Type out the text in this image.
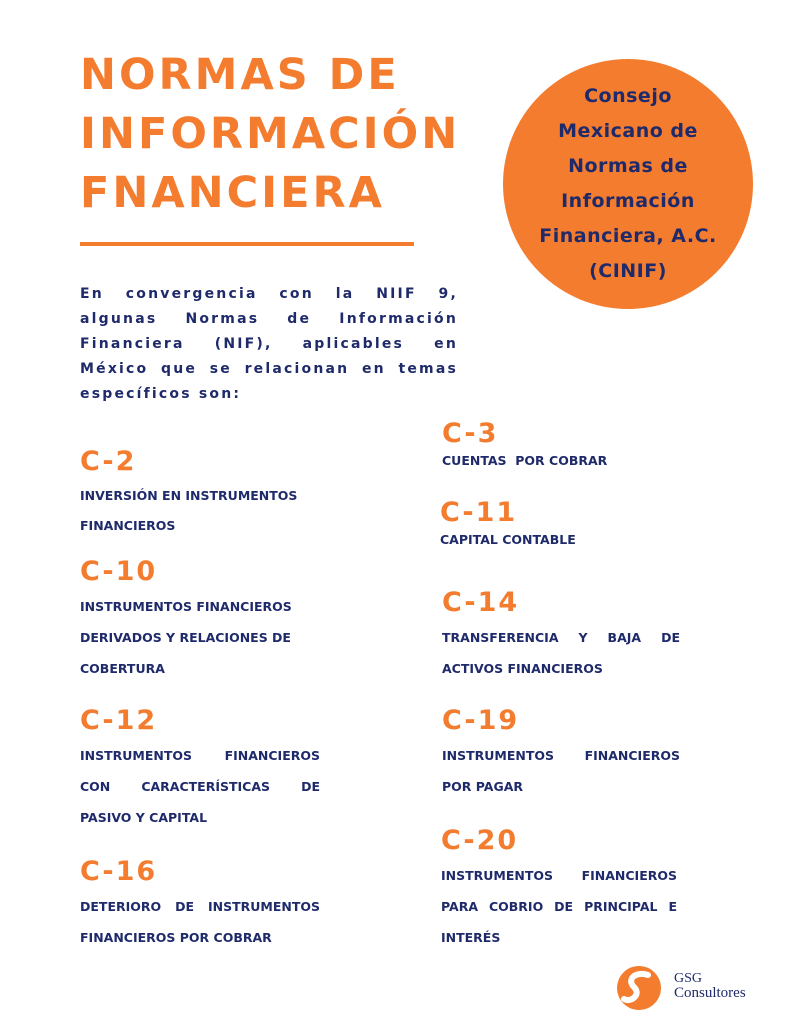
NORMAS DE
INFORMACIÓN
FNANCIERA
Consejo
Mexicano de
Normas de
Información
Financiera, A.C.
(CINIF)

En convergencia con la NIIF 9, algunas Normas de Información Financiera (NIF), aplicables en México que se relacionan en temas específicos son:

C-2
INVERSIÓN EN INSTRUMENTOS
FINANCIEROS
C-10
INSTRUMENTOS FINANCIEROS
DERIVADOS Y RELACIONES DE
COBERTURA
C-12
INSTRUMENTOS FINANCIEROS
CON CARACTERÍSTICAS DE
PASIVO Y CAPITAL
C-16
DETERIORO DE INSTRUMENTOS
FINANCIEROS POR COBRAR
C-3
CUENTAS  POR COBRAR
C-11
CAPITAL CONTABLE
C-14
TRANSFERENCIA Y BAJA DE
ACTIVOS FINANCIEROS
C-19
INSTRUMENTOS FINANCIEROS
POR PAGAR
C-20
INSTRUMENTOS FINANCIEROS
PARA COBRIO DE PRINCIPAL E
INTERÉS
GSG
Consultores
